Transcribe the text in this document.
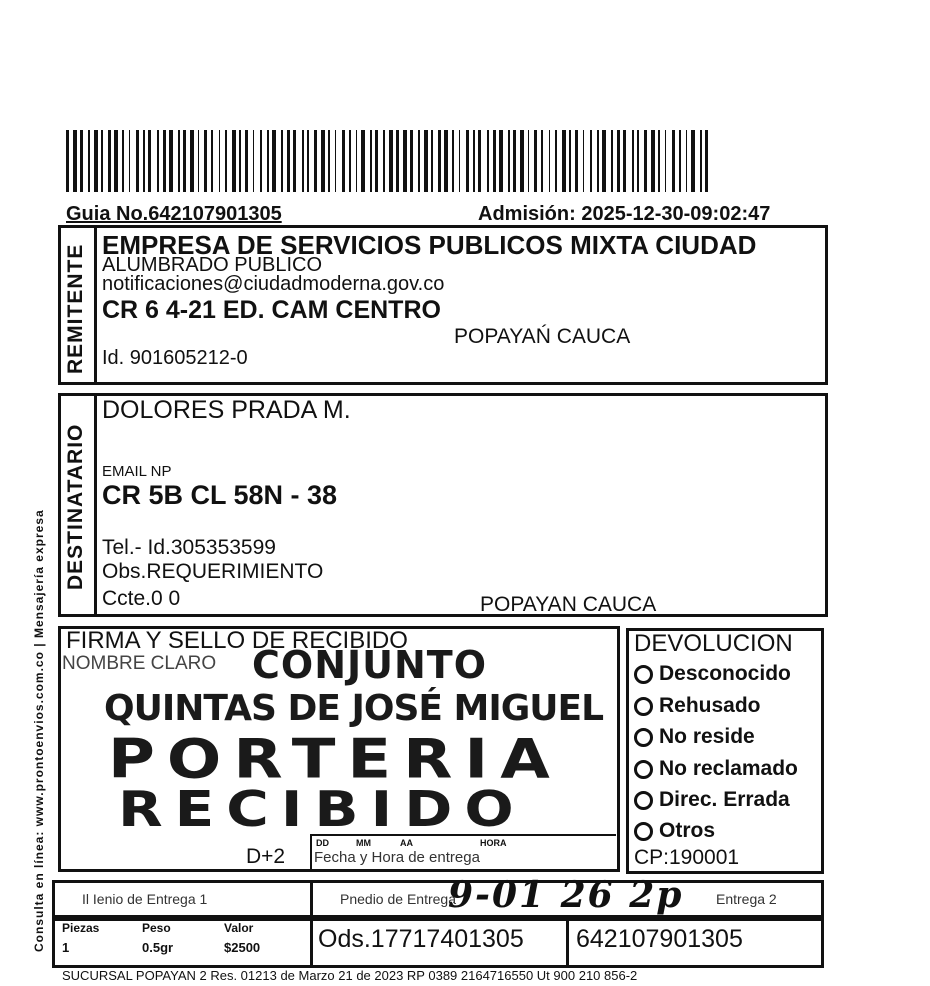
Guia No.642107901305	Admisión: 2025-12-30-09:02:47
Consulta en línea: www.prontoenvios.com.co | Mensajería expresa
REMITENTE EMPRESA DE SERVICIOS PUBLICOS MIXTA CIUDAD
ALUMBRADO PUBLICO
notificaciones@ciudadmoderna.gov.co
CR 6 4-21 ED. CAM CENTRO
POPAYAŃ CAUCA
Id. 901605212-0
DESTINATARIO
DOLORES PRADA M.
EMAIL NP
CR 5B CL 58N - 38
Tel.- Id.305353599
Obs.REQUERIMIENTO
Ccte.0 0	POPAYAN CAUCA
FIRMA Y SELLO DE RECIBIDO
NOMBRE CLARO CONJUNTO
QUINTAS DE JOSÉ MIGUEL
PORTERIA
RECIBIDO
D+2
DD	MM	AA	HORA
Fecha y Hora de entrega
DEVOLUCION
Desconocido
Rehusado
No reside
No reclamado
Direc. Errada
Otros
CP:190001
Il Ienio de Entrega 1	Pnedio de Entrega	Entrega 2
9-01 26 2p
Piezas	Peso	Valor
1	0.5gr	$2500 Ods.17717401305 642107901305
SUCURSAL POPAYAN 2 Res. 01213 de Marzo 21 de 2023 RP 0389 2164716550 Ut 900 210 856-2
